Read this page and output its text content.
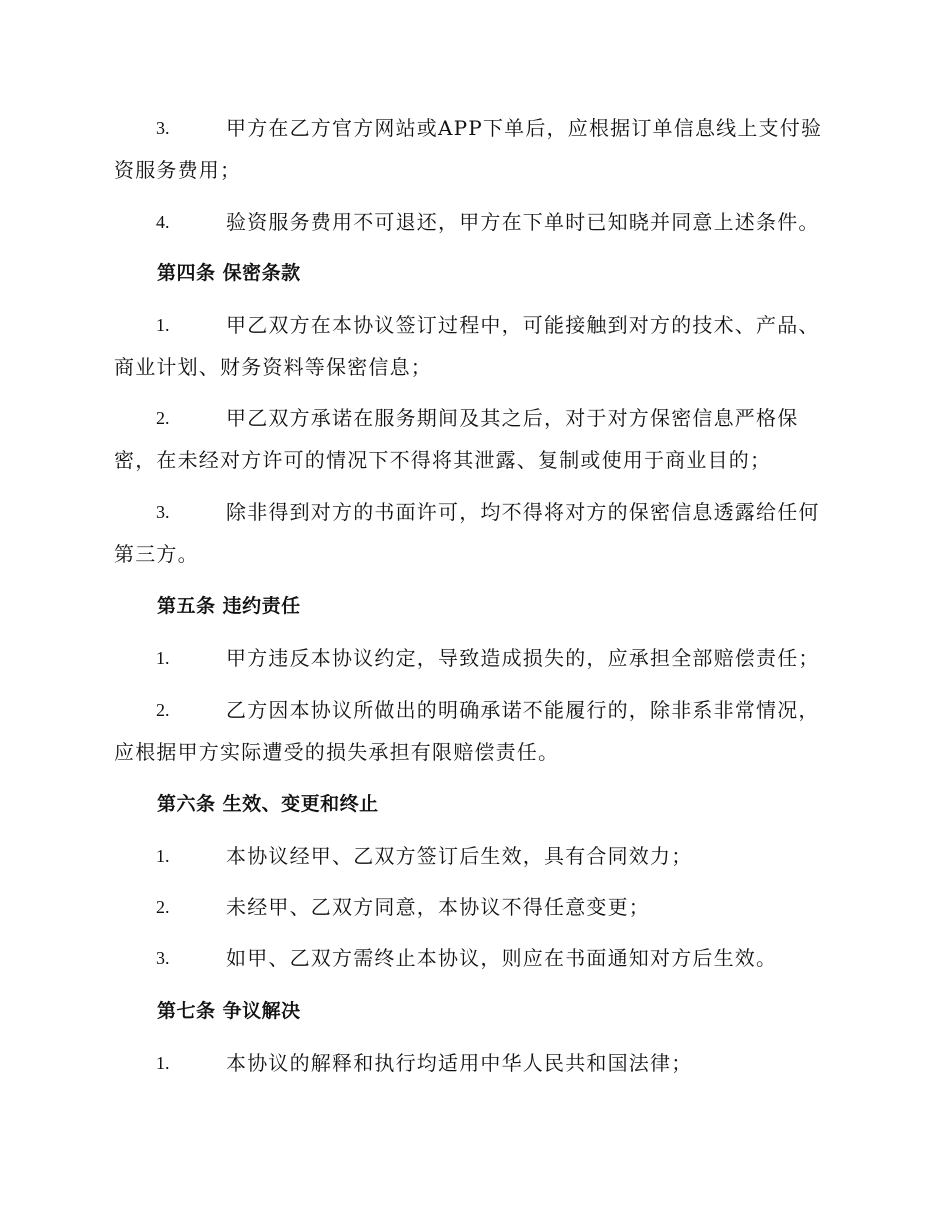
3.	甲方在乙方官方网站或APP下单后，应根据订单信息线上支付验
资服务费用；
4.	验资服务费用不可退还，甲方在下单时已知晓并同意上述条件。
第四条 保密条款
1.	甲乙双方在本协议签订过程中，可能接触到对方的技术、产品、
商业计划、财务资料等保密信息；
2.	甲乙双方承诺在服务期间及其之后，对于对方保密信息严格保
密，在未经对方许可的情况下不得将其泄露、复制或使用于商业目的；
3.	除非得到对方的书面许可，均不得将对方的保密信息透露给任何
第三方。
第五条 违约责任
1.	甲方违反本协议约定，导致造成损失的，应承担全部赔偿责任；
2.	乙方因本协议所做出的明确承诺不能履行的，除非系非常情况，
应根据甲方实际遭受的损失承担有限赔偿责任。
第六条 生效、变更和终止
1.	本协议经甲、乙双方签订后生效，具有合同效力；
2.	未经甲、乙双方同意，本协议不得任意变更；
3.	如甲、乙双方需终止本协议，则应在书面通知对方后生效。
第七条 争议解决
1.	本协议的解释和执行均适用中华人民共和国法律；
